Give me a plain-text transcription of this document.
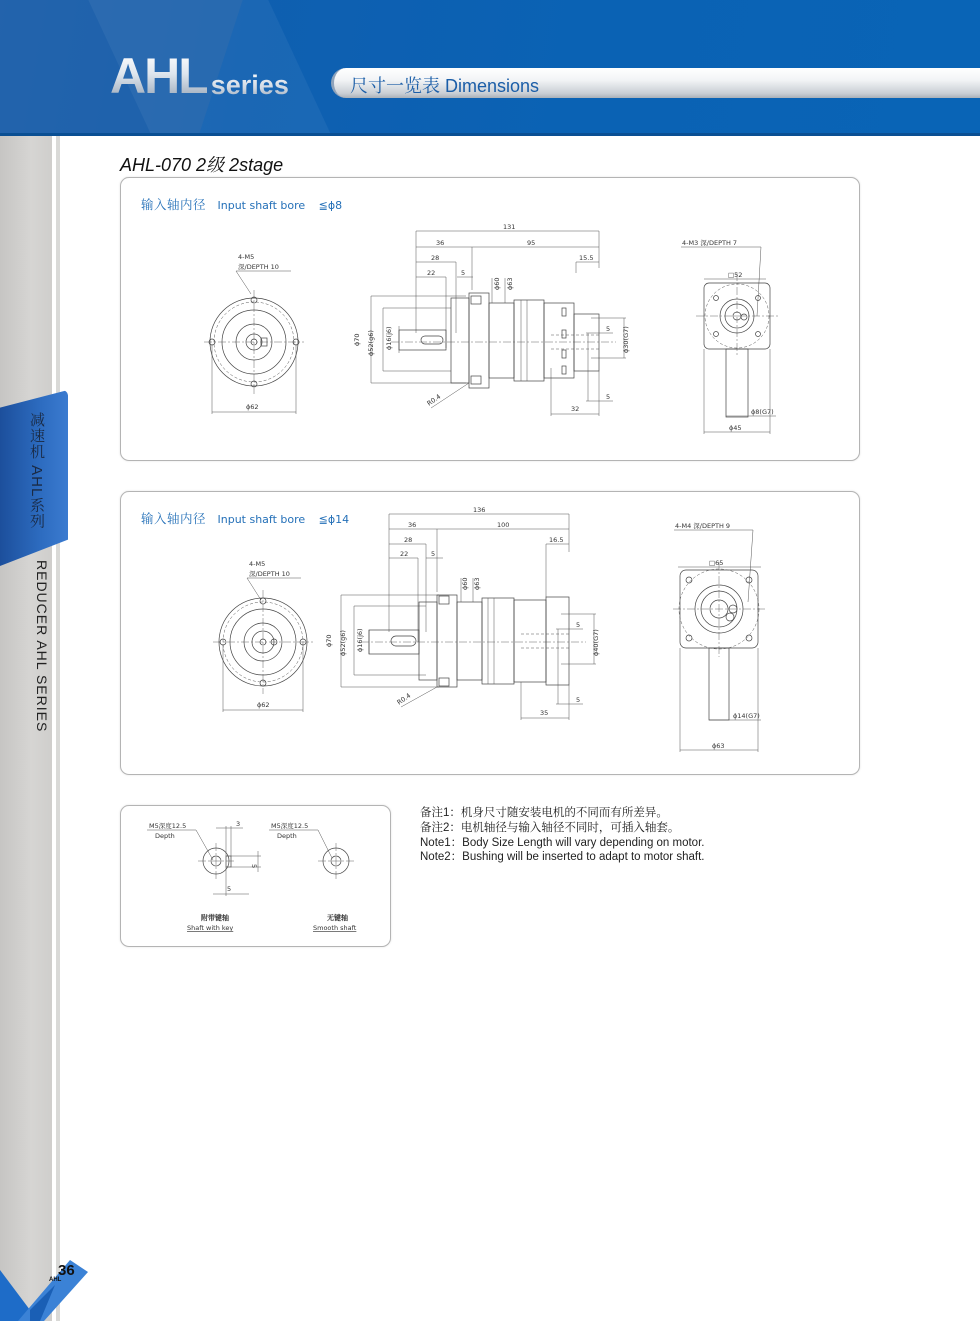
AHL series	尺寸一览表 Dimensions
减速机 AHL系列
REDUCER AHL SERIES
36
AHL
AHL-070 2级 2stage
输入轴内径 Input shaft bore ≦ϕ8
4-M5
深/DEPTH 10
ϕ62
131
36	95
28
22	5
15.5
ϕ70 ϕ52(g6) ϕ16(j6)
ϕ60 ϕ63
R0.4
ϕ30(G7)
5
5
32
4-M3 深/DEPTH 7
□52
ϕ8(G7)
ϕ45
输入轴内径 Input shaft bore ≦ϕ14
4-M5
深/DEPTH 10
ϕ62
136
36	100
28
22	5
16.5
ϕ70 ϕ52(g6) ϕ16(j6)
ϕ60 ϕ63
R0.4
ϕ40(G7)
5
5
35
4-M4 深/DEPTH 9
□65
ϕ14(G7)
ϕ63
M5深度12.5
Depth
3
5
5
附带键轴
Shaft with key
M5深度12.5
Depth
无键轴
Smooth shaft
备注1：机身尺寸随安装电机的不同而有所差异。
备注2：电机轴径与输入轴径不同时，可插入轴套。
Note1：Body Size Length will vary depending on motor.
Note2：Bushing will be inserted to adapt to motor shaft.
